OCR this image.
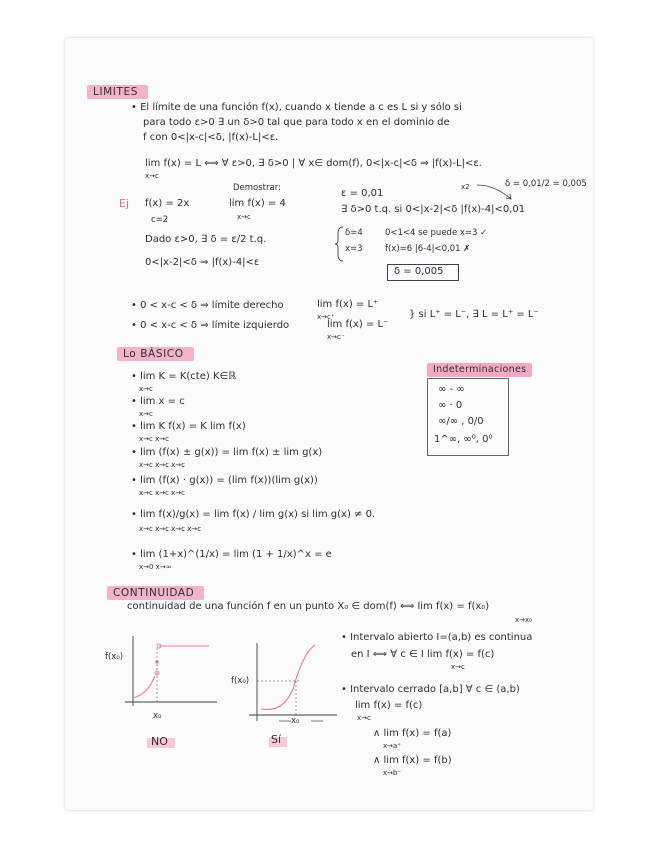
LIMITES
• El límite de una función f(x), cuando x tiende a c es L si y sólo si
para todo ε>0 ∃ un δ>0 tal que para todo x en el dominio de
f con 0<|x-c|<δ, |f(x)-L|<ε.
lim f(x) = L ⟺ ∀ ε>0, ∃ δ>0 | ∀ x∈ dom(f), 0<|x-c|<δ ⇒ |f(x)-L|<ε.
x→c
Ej f(x) = 2x
c=2
Demostrar:
lim f(x) = 4
x→c
ε = 0,01
x2	δ = 0,01/2 = 0,005
∃ δ>0 t.q. si 0<|x-2|<δ |f(x)-4|<0,01
Dado ε>0, ∃ δ = ε/2 t.q.
0<|x-2|<δ ⇒ |f(x)-4|<ε
δ=4	0<1<4 se puede x=3 ✓
x=3	f(x)=6 |6-4|<0,01 ✗
δ = 0,005
• 0 < x-c < δ ⇒ límite derecho	lim f(x) = L⁺
x→c⁺
• 0 < x-c < δ ⇒ límite izquierdo	lim f(x) = L⁻
x→c⁻
} si L⁺ = L⁻, ∃ L = L⁺ = L⁻
Lo BÁSICO
• lim K = K(cte) K∈ℝ
x→c
• lim x = c
x→c
• lim K f(x) = K lim f(x)
x→c x→c
• lim (f(x) ± g(x)) = lim f(x) ± lim g(x)
x→c x→c x→c
• lim (f(x) · g(x)) = (lim f(x))(lim g(x))
x→c x→c x→c
• lim f(x)/g(x) = lim f(x) / lim g(x) si lim g(x) ≠ 0.
x→c x→c x→c x→c
• lim (1+x)^(1/x) = lim (1 + 1/x)^x = e
x→0 x→∞
Indeterminaciones
∞ - ∞
∞ · 0
∞/∞ , 0/0
1^∞, ∞⁰, 0⁰
CONTINUIDAD
continuidad de una función f en un punto X₀ ∈ dom(f) ⟺ lim f(x) = f(x₀)
x→x₀
f(x₀)
x₀
NO
f(x₀)
x₀
Sí
• Intervalo abierto I=(a,b) es continua
en I ⟺ ∀ c ∈ I lim f(x) = f(c)
x→c
• Intervalo cerrado [a,b] ∀ c ∈ (a,b)
lim f(x) = f(c)
x→c
∧ lim f(x) = f(a)
x→a⁺
∧ lim f(x) = f(b)
x→b⁻
